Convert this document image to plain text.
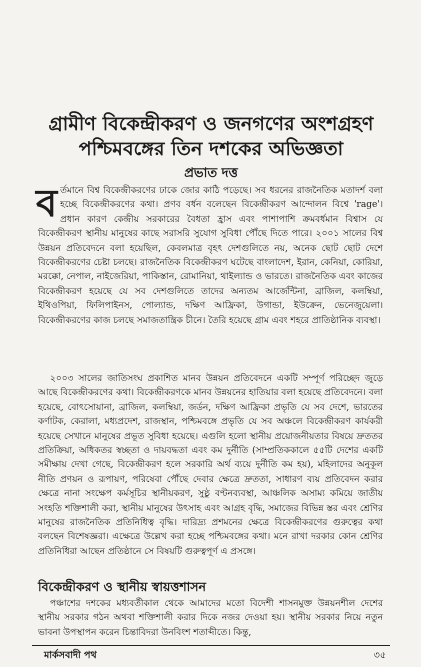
গ্রামীণ বিকেন্দ্রীকরণ ও জনগণের অংশগ্রহণ পশ্চিমবঙ্গের তিন দশকের অভিজ্ঞতা
প্রভাত দত্ত

ব র্তমানে বিশ্ব বিকেন্দ্রীকরণের ঢাকে জোর কাঠি পড়েছে। সব ধরনের রাজনৈতিক মতাদর্শ বলা হচ্ছে বিকেন্দ্রীকরণের কথা। প্রণব বর্ধন বলেছেন বিকেন্দ্রীকরণ আন্দোলন বিশ্বে 'rage'। প্রধান কারণ কেন্দ্রীয় সরকারের বৈধতা হ্রাস এবং পাশাপাশি ক্রমবর্ধমান বিশ্বাস যে বিকেন্দ্রীকরণ স্থানীয় মানুষের কাছে সরাসরি সুযোগ সুবিধা পৌঁছে দিতে পারে। ২০০১ সালের বিশ্ব উন্নয়ন প্রতিবেদনে বলা হয়েছিল, কেবলমাত্র বৃহৎ দেশগুলিতে নয়, অনেক ছোট ছোট দেশে বিকেন্দ্রীকরণের চেষ্টা চলছে। রাজনৈতিক বিকেন্দ্রীকরণ ঘটেছে বাংলাদেশ, ইরান, কেনিয়া, কোরিয়া, মরক্কো, নেপাল, নাইজেরিয়া, পাকিস্তান, রোমানিয়া, থাইল্যান্ড ও ভারতে। রাজনৈতিক এবং কাজের বিকেন্দ্রীকরণ হয়েছে যে সব দেশগুলিতে তাদের অন্যতম আর্জেন্টিনা, ব্রাজিল, কলম্বিয়া, ইথিওপিয়া, ফিলিপাইনস, পোল্যান্ড, দক্ষিণ আফ্রিকা, উগান্ডা, ইউক্রেন, ভেনেজুয়েলা। বিকেন্দ্রীকরণের কাজ চলছে সমাজতান্ত্রিক চীনে। তৈরি হয়েছে গ্রাম এবং শহরে প্রাতিষ্ঠানিক ব্যবস্থা।

২০০৩ সালের জাতিসংঘ প্রকাশিত মানব উন্নয়ন প্রতিবেদনে একটি সম্পূর্ণ পরিচ্ছেদ জুড়ে আছে বিকেন্দ্রীকরণের কথা। বিকেন্দ্রীকরণকে মানব উন্নয়নের হাতিয়ার বলা হয়েছে প্রতিবেদনে। বলা হয়েছে, বোৎসোয়ানা, ব্রাজিল, কলম্বিয়া, জর্ডন, দক্ষিণ আফ্রিকা প্রভৃতি যে সব দেশে, ভারতের কর্ণাটক, কেরালা, মধ্যপ্রদেশ, রাজস্থান, পশ্চিমবঙ্গে প্রভৃতি যে সব অঞ্চলে বিকেন্দ্রীকরণ কার্যকরী হয়েছে সেখানে মানুষের প্রভূত সুবিধা হয়েছে। এগুলি হলো স্থানীয় প্রয়োজনীয়তার বিষয়ে দ্রুততর প্রতিক্রিয়া, অধিকতর স্বচ্ছতা ও দায়বদ্ধতা এবং কম দুর্নীতি (সাম্প্রতিককালে ৫৫টি দেশের একটি সমীক্ষায় দেখা গেছে, বিকেন্দ্রীকরণ হলে সরকারি অর্থ ব্যয়ে দুর্নীতি কম হয়), মহিলাদের অনুকূল নীতি প্রণয়ন ও রূপায়ণ, পরিষেবা পৌঁছে দেবার ক্ষেত্রে দ্রুততা, সাধারণ ব্যয় প্রতিবেদন করার ক্ষেত্রে নানা সংক্ষেপ কর্মসূচির স্থানীয়করণ, সুষ্ঠু বণ্টনব্যবস্থা, আঞ্চলিক অসাম্য কমিয়ে জাতীয় সংহতি শক্তিশালী করা, স্থানীয় মানুষের উৎসাহ এবং আগ্রহ বৃদ্ধি, সমাজের বিভিন্ন স্তর এবং শ্রেণির মানুষের রাজনৈতিক প্রতিনিধিত্ব বৃদ্ধি। দারিদ্র্য প্রশমনের ক্ষেত্রে বিকেন্দ্রীকরণের গুরুত্বের কথা বলছেন বিশেষজ্ঞরা। এক্ষেত্রে উল্লেখ করা হচ্ছে পশ্চিমবঙ্গের কথা। মনে রাখা দরকার কোন শ্রেণির প্রতিনিধিরা আছেন প্রতিষ্ঠানে সে বিষয়টি গুরুত্বপূর্ণ এ প্রসঙ্গে।

বিকেন্দ্রীকরণ ও স্থানীয় স্বায়ত্তশাসন

পঞ্চাশের দশকের মধ্যবর্তীকাল থেকে আমাদের মতো বিদেশী শাসনমুক্ত উন্নয়নশীল দেশের স্থানীয় সরকার গঠন অথবা শক্তিশালী করার দিকে নজর দেওয়া হয়। স্থানীয় সরকার নিয়ে নতুন ভাবনা উপস্থাপন করেন চিন্তাবিদরা উনবিংশ শতাব্দীতে। কিন্তু,

মার্কসবাদী পথ	৩৫
